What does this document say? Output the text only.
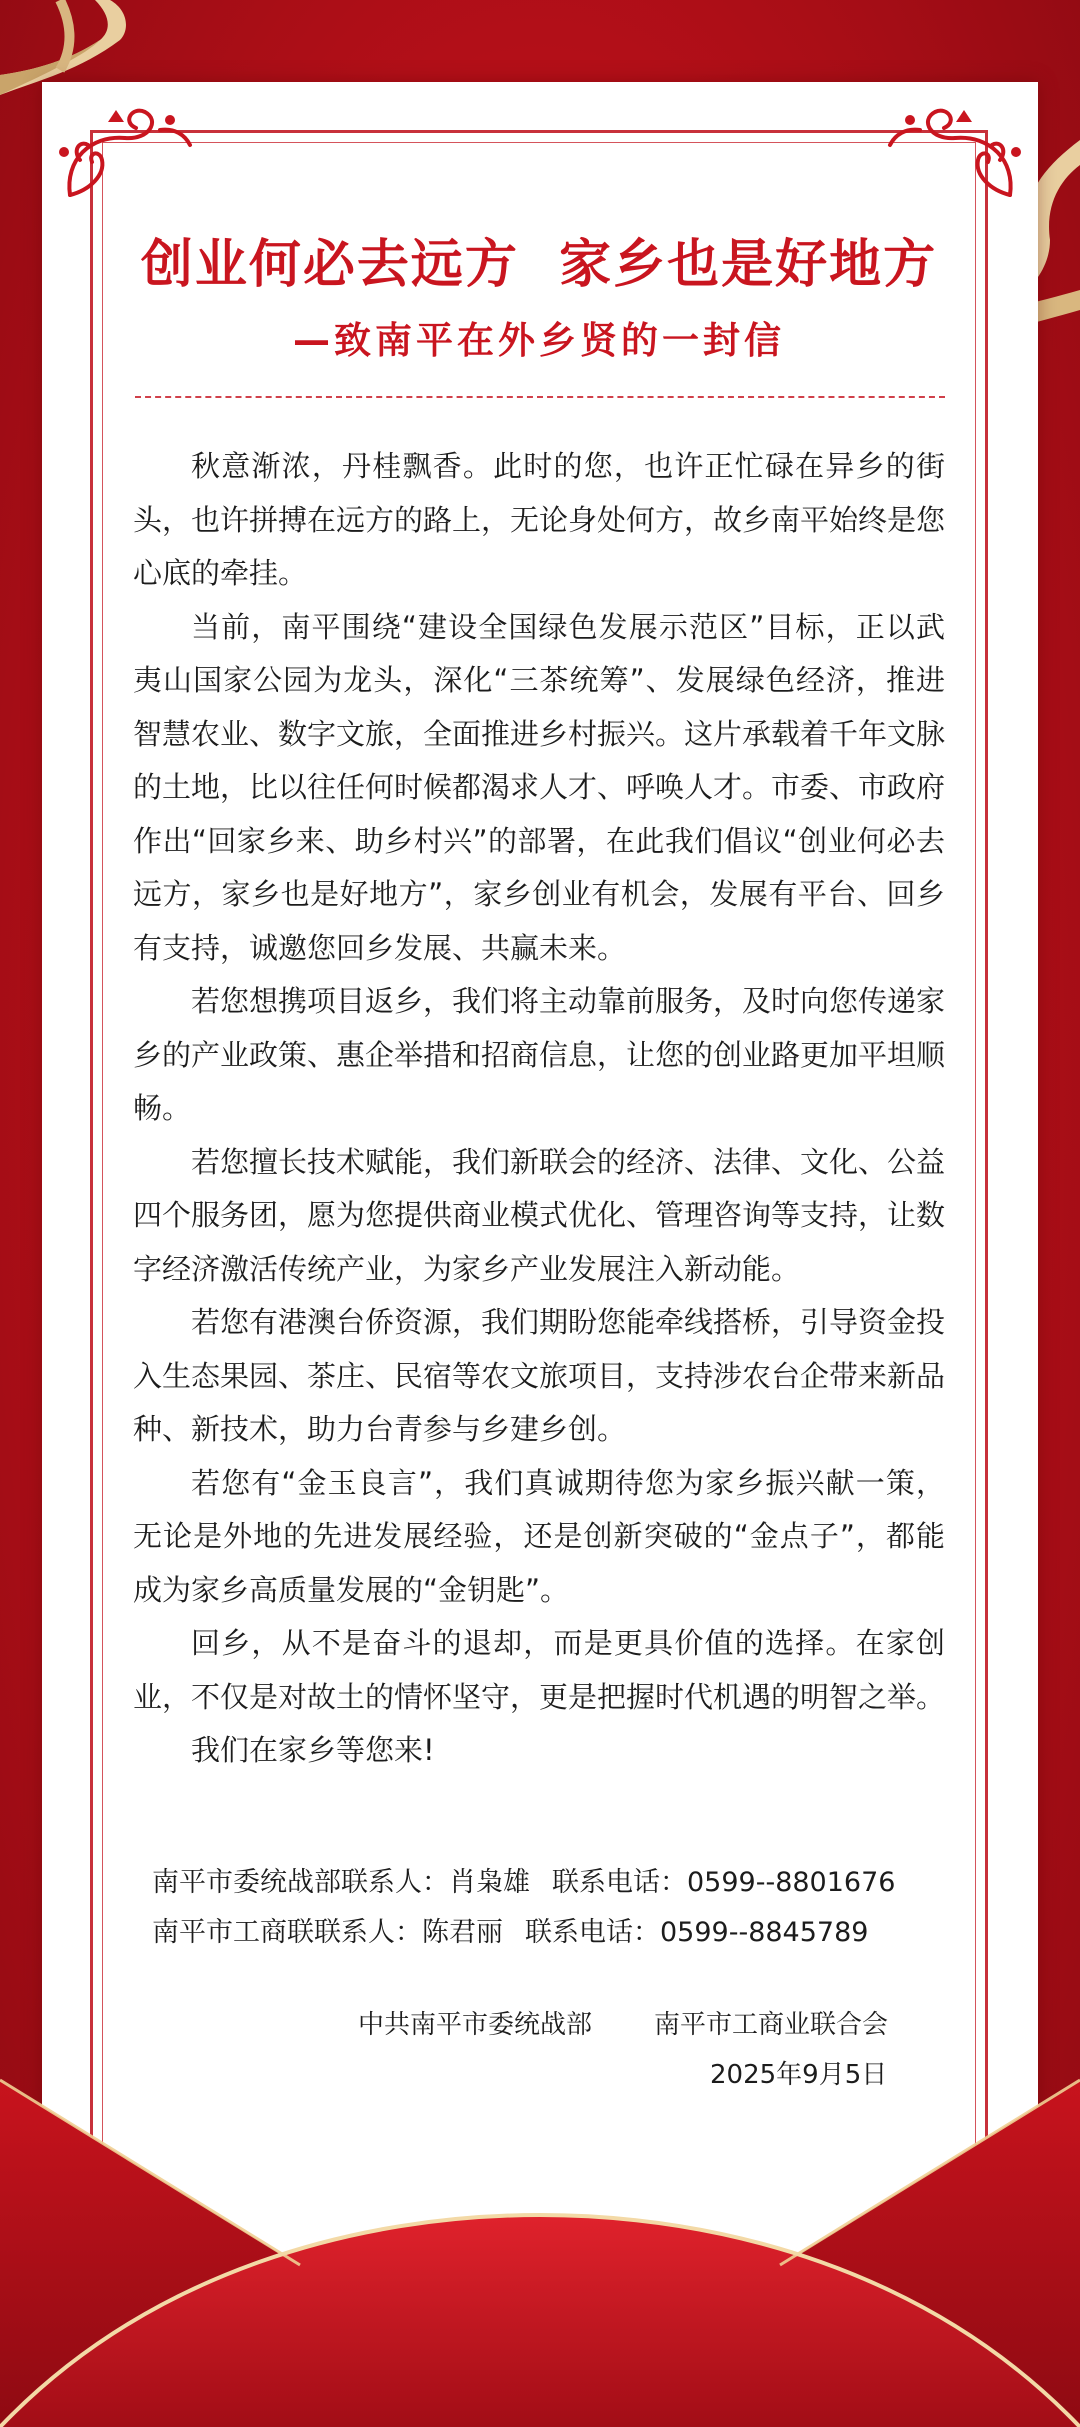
创业何必去远方  家乡也是好地方
—致南平在外乡贤的一封信

秋意渐浓，丹桂飘香。此时的您，也许正忙碌在异乡的街头，也许拼搏在远方的路上，无论身处何方，故乡南平始终是您心底的牵挂。

当前，南平围绕“建设全国绿色发展示范区”目标，正以武夷山国家公园为龙头，深化“三茶统筹”、发展绿色经济，推进智慧农业、数字文旅，全面推进乡村振兴。这片承载着千年文脉的土地，比以往任何时候都渴求人才、呼唤人才。市委、市政府作出“回家乡来、助乡村兴”的部署，在此我们倡议“创业何必去远方，家乡也是好地方”，家乡创业有机会，发展有平台、回乡有支持，诚邀您回乡发展、共赢未来。

若您想携项目返乡，我们将主动靠前服务，及时向您传递家乡的产业政策、惠企举措和招商信息，让您的创业路更加平坦顺畅。

若您擅长技术赋能，我们新联会的经济、法律、文化、公益四个服务团，愿为您提供商业模式优化、管理咨询等支持，让数字经济激活传统产业，为家乡产业发展注入新动能。

若您有港澳台侨资源，我们期盼您能牵线搭桥，引导资金投入生态果园、茶庄、民宿等农文旅项目，支持涉农台企带来新品种、新技术，助力台青参与乡建乡创。

若您有“金玉良言”，我们真诚期待您为家乡振兴献一策，无论是外地的先进发展经验，还是创新突破的“金点子”，都能成为家乡高质量发展的“金钥匙”。

回乡，从不是奋斗的退却，而是更具价值的选择。在家创业，不仅是对故土的情怀坚守，更是把握时代机遇的明智之举。

我们在家乡等您来!

南平市委统战部联系人：肖枭雄 联系电话：0599--8801676
南平市工商联联系人：陈君丽 联系电话：0599--8845789
中共南平市委统战部 南平市工商业联合会
2025年9月5日
